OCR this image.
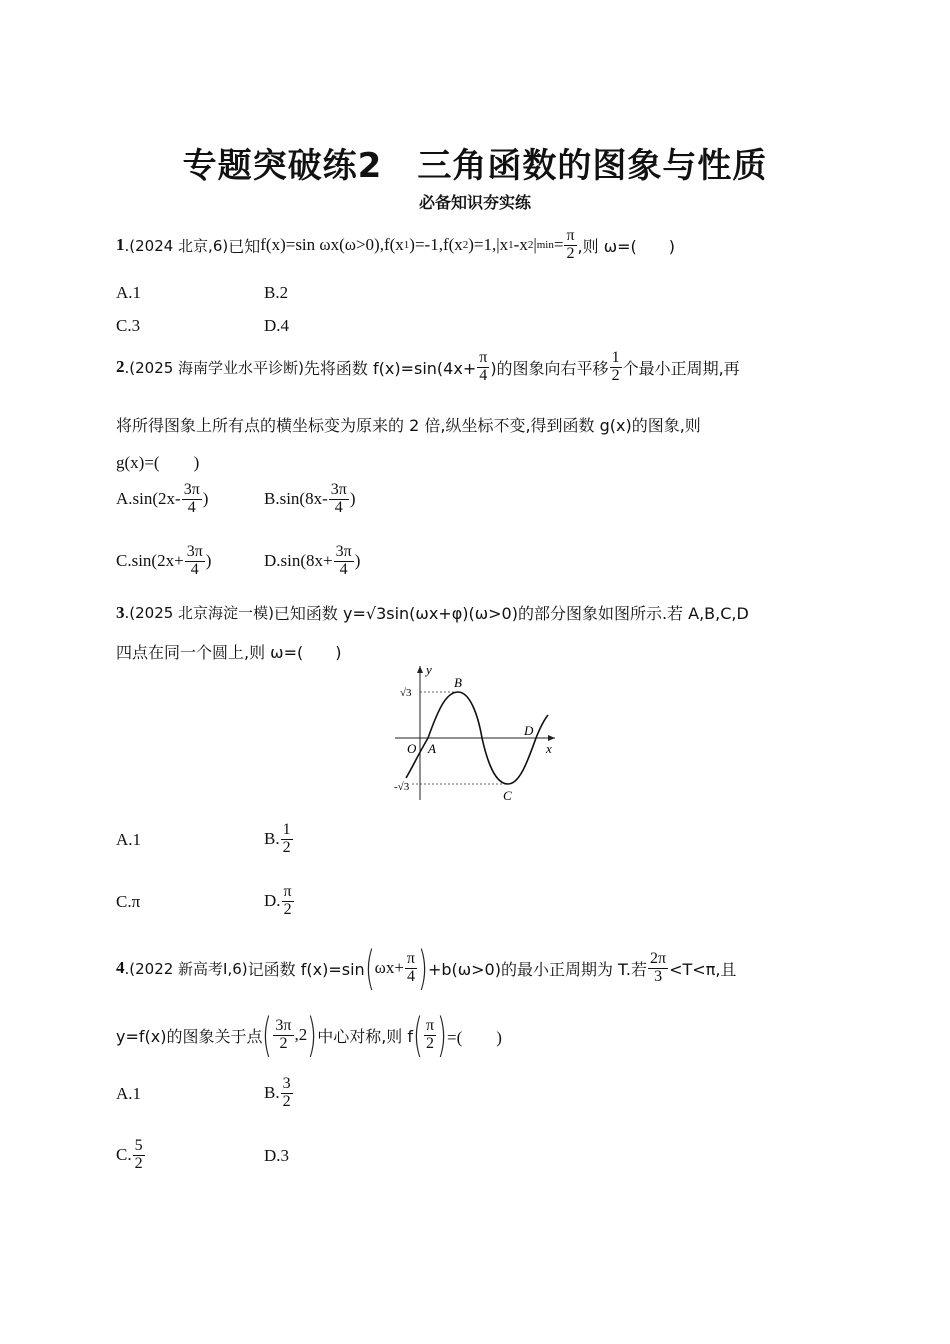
专题突破练2　三角函数的图象与性质
必备知识夯实练
1 .(2024 北京,6) 已知 f(x)=sin ωx(ω>0),f(x 1 )=-1,f(x 2 )=1,|x 1 -x 2 | $\min = \frac{\pi}{2}$ ,则 ω=(　　)
A.1	B.2
C.3	D.4
2 .(2025 海南学业水平诊断) 先将函数 $f(x)=\sin(4x+ \frac{\pi}{4}$ )的图象向右平移 $\frac{1}{2}$ 个最小正周期,再
将所得图象上所有点的横坐标变为原来的 2 倍,纵坐标不变,得到函数 g(x)的图象,则
g(x)=(　　)
$A.\sin(2x- \frac{3\pi}{4}$ )	$B.\sin(8x- \frac{3\pi}{4}$ )
$C.\sin(2x+ \frac{3\pi}{4}$ )	$D.\sin(8x+ \frac{3\pi}{4}$ )
3 .(2025 北京海淀一模) 已知函数 y=√3sin(ωx+φ)(ω>0)的部分图象如图所示.若 A,B,C,D
四点在同一个圆上,则 ω=(　　)
y
x
O A
B
C
D
√3
-√3
A.1	B. $\frac{1}{2}$
C.π	D. $\frac{\pi}{2}$
4 .(2022 新高考Ⅰ,6) 记函数 f(x)=sin ( $\omega x+ \frac{\pi}{4}$ ) +b(ω>0)的最小正周期为 T.若 $\frac{2\pi}{3} <T<\pi$,且
y=f(x)的图象关于点 ( $\frac{3\pi}{2} ,2$ ) 中心对称,则 f ( $\frac{\pi}{2}$ ) =(　　)
A.1	B. $\frac{3}{2}$
C. $\frac{5}{2}$	D.3
